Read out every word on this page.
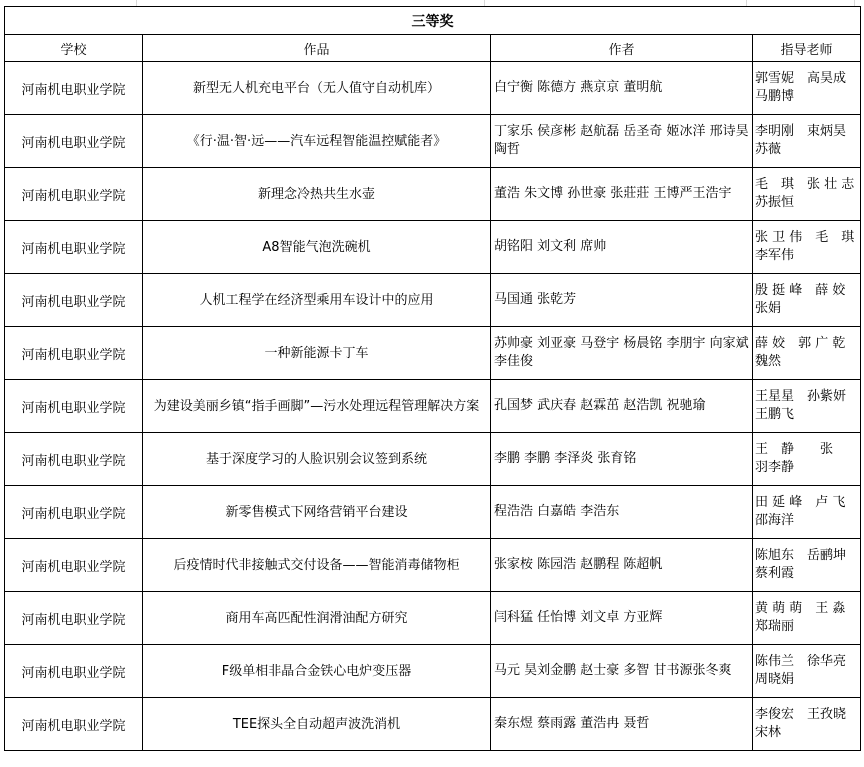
三等奖			
学校	作品	作者	指导老师
河南机电职业学院	新型无人机充电平台（无人值守自动机库）	白宁衡 陈德方 燕京京 董明航	郭雪妮　高昊成马鹏博
河南机电职业学院	《行·温·智·远——汽车远程智能温控赋能者》	丁家乐 侯彦彬 赵航磊 岳圣奇 姬冰洋 邢诗昊 陶哲	李明刚　束炳昊苏薇
河南机电职业学院	新理念冷热共生水壶	董浩 朱文博 孙世豪 张莊莊 王博严王浩宇	毛　琪　张 壮 志苏振恒
河南机电职业学院	A8智能气泡洗碗机	胡铭阳 刘文利 席帅	张 卫 伟　毛　琪李军伟
河南机电职业学院	人机工程学在经济型乘用车设计中的应用	马国通 张乾芳	殷 挺 峰　薛 姣张娟
河南机电职业学院	一种新能源卡丁车	苏帅豪 刘亚豪 马登宇 杨晨铭 李朋宇 向家斌 李佳俊	薛 姣　郭 广 乾魏然
河南机电职业学院	为建设美丽乡镇“指手画脚”—污水处理远程管理解决方案	孔国梦 武庆春 赵霖茁 赵浩凯 祝驰瑜	王星星　孙紫妍王鹏飞
河南机电职业学院	基于深度学习的人脸识别会议签到系统	李鹏 李鹏 李泽炎 张育铭	王　静　　张　羽李静
河南机电职业学院	新零售模式下网络营销平台建设	程浩浩 白嘉皓 李浩东	田 延 峰　卢 飞邵海洋
河南机电职业学院	后疫情时代非接触式交付设备——智能消毒储物柜	张家桉 陈园浩 赵鹏程 陈超帆	陈旭东　岳鹂坤蔡利霞
河南机电职业学院	商用车高匹配性润滑油配方研究	闫科猛 任怡博 刘文卓 方亚辉	黄 萌 萌　王 淼郑瑞丽
河南机电职业学院	F级单相非晶合金铁心电炉变压器	马元 昊刘金鹏 赵士豪 多智 甘书源张冬爽	陈伟兰　徐华亮周晓娟
河南机电职业学院	TEE探头全自动超声波洗消机	秦东煜 蔡雨露 董浩冉 聂哲	李俊宏　王孜晓宋林
